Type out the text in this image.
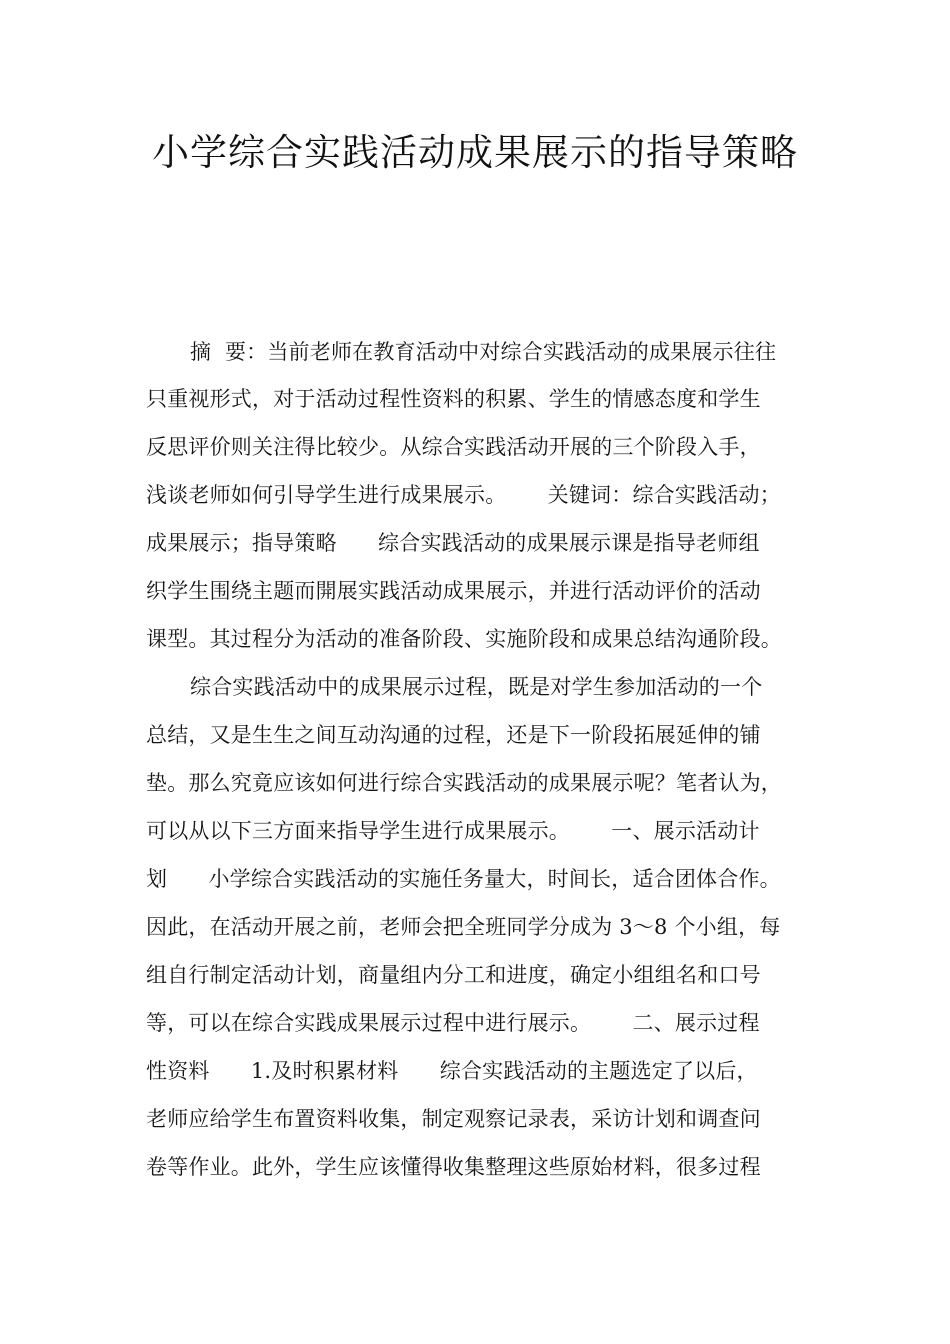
小学综合实践活动成果展示的指导策略
摘  要：当前老师在教育活动中对综合实践活动的成果展示往往
只重视形式，对于活动过程性资料的积累、学生的情感态度和学生
反思评价则关注得比较少。从综合实践活动开展的三个阶段入手，
浅谈老师如何引导学生进行成果展示。      关键词：综合实践活动；
成果展示；指导策略      综合实践活动的成果展示课是指导老师组
织学生围绕主题而開展实践活动成果展示，并进行活动评价的活动
课型。其过程分为活动的准备阶段、实施阶段和成果总结沟通阶段。
综合实践活动中的成果展示过程，既是对学生参加活动的一个
总结，又是生生之间互动沟通的过程，还是下一阶段拓展延伸的铺
垫。那么究竟应该如何进行综合实践活动的成果展示呢？笔者认为，
可以从以下三方面来指导学生进行成果展示。      一、展示活动计
划      小学综合实践活动的实施任务量大，时间长，适合团体合作。
因此，在活动开展之前，老师会把全班同学分成为 3～8 个小组，每
组自行制定活动计划，商量组内分工和进度，确定小组组名和口号
等，可以在综合实践成果展示过程中进行展示。      二、展示过程
性资料      1.及时积累材料      综合实践活动的主题选定了以后，
老师应给学生布置资料收集，制定观察记录表，采访计划和调查问
卷等作业。此外，学生应该懂得收集整理这些原始材料，很多过程
